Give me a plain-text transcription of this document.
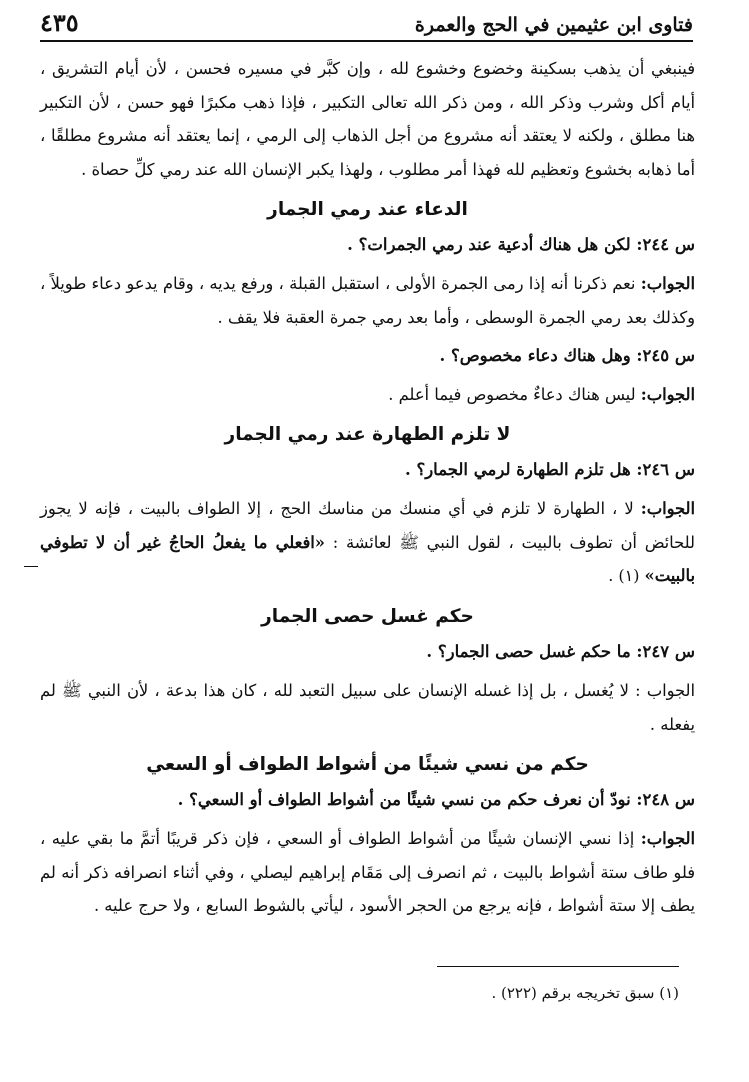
فتاوى ابن عثيمين في الحج والعمرة
٤٣٥

فينبغي أن يذهب بسكينة وخضوع وخشوع لله ، وإن كبَّر في مسيره فحسن ، لأن أيام التشريق ، أيام أكل وشرب وذكر الله ، ومن ذكر الله تعالى التكبير ، فإذا ذهب مكبرًا فهو حسن ، لأن التكبير هنا مطلق ، ولكنه لا يعتقد أنه مشروع من أجل الذهاب إلى الرمي ، إنما يعتقد أنه مشروع مطلقًا ، أما ذهابه بخشوع وتعظيم لله فهذا أمر مطلوب ، ولهذا يكبر الإنسان الله عند رمي كلِّ حصاة .

الدعاء عند رمي الجمار

س ٢٤٤: لكن هل هناك أدعية عند رمي الجمرات؟ .

الجواب: نعم ذكرنا أنه إذا رمى الجمرة الأولى ، استقبل القبلة ، ورفع يديه ، وقام يدعو دعاء طويلاً ، وكذلك بعد رمي الجمرة الوسطى ، وأما بعد رمي جمرة العقبة فلا يقف .

س ٢٤٥: وهل هناك دعاء مخصوص؟ .

الجواب: ليس هناك دعاءٌ مخصوص فيما أعلم .

لا تلزم الطهارة عند رمي الجمار

س ٢٤٦: هل تلزم الطهارة لرمي الجمار؟ .

الجواب: لا ، الطهارة لا تلزم في أي منسك من مناسك الحج ، إلا الطواف بالبيت ، فإنه لا يجوز للحائض أن تطوف بالبيت ، لقول النبي ﷺ لعائشة : «افعلي ما يفعلُ الحاجُ غير أن لا تطوفي بالبيت» (١) .

حكم غسل حصى الجمار

س ٢٤٧: ما حكم غسل حصى الجمار؟ .

الجواب : لا يُغسل ، بل إذا غسله الإنسان على سبيل التعبد لله ، كان هذا بدعة ، لأن النبي ﷺ لم يفعله .

حكم من نسي شيئًا من أشواط الطواف أو السعي

س ٢٤٨: نودّ أن نعرف حكم من نسي شيئًا من أشواط الطواف أو السعي؟ .

الجواب: إذا نسي الإنسان شيئًا من أشواط الطواف أو السعي ، فإن ذكر قريبًا أتمَّ ما بقي عليه ، فلو طاف ستة أشواط بالبيت ، ثم انصرف إلى مَقَام إبراهيم ليصلي ، وفي أثناء انصرافه ذكر أنه لم يطف إلا ستة أشواط ، فإنه يرجع من الحجر الأسود ، ليأتي بالشوط السابع ، ولا حرج عليه .

(١) سبق تخريجه برقم (٢٢٢) .
